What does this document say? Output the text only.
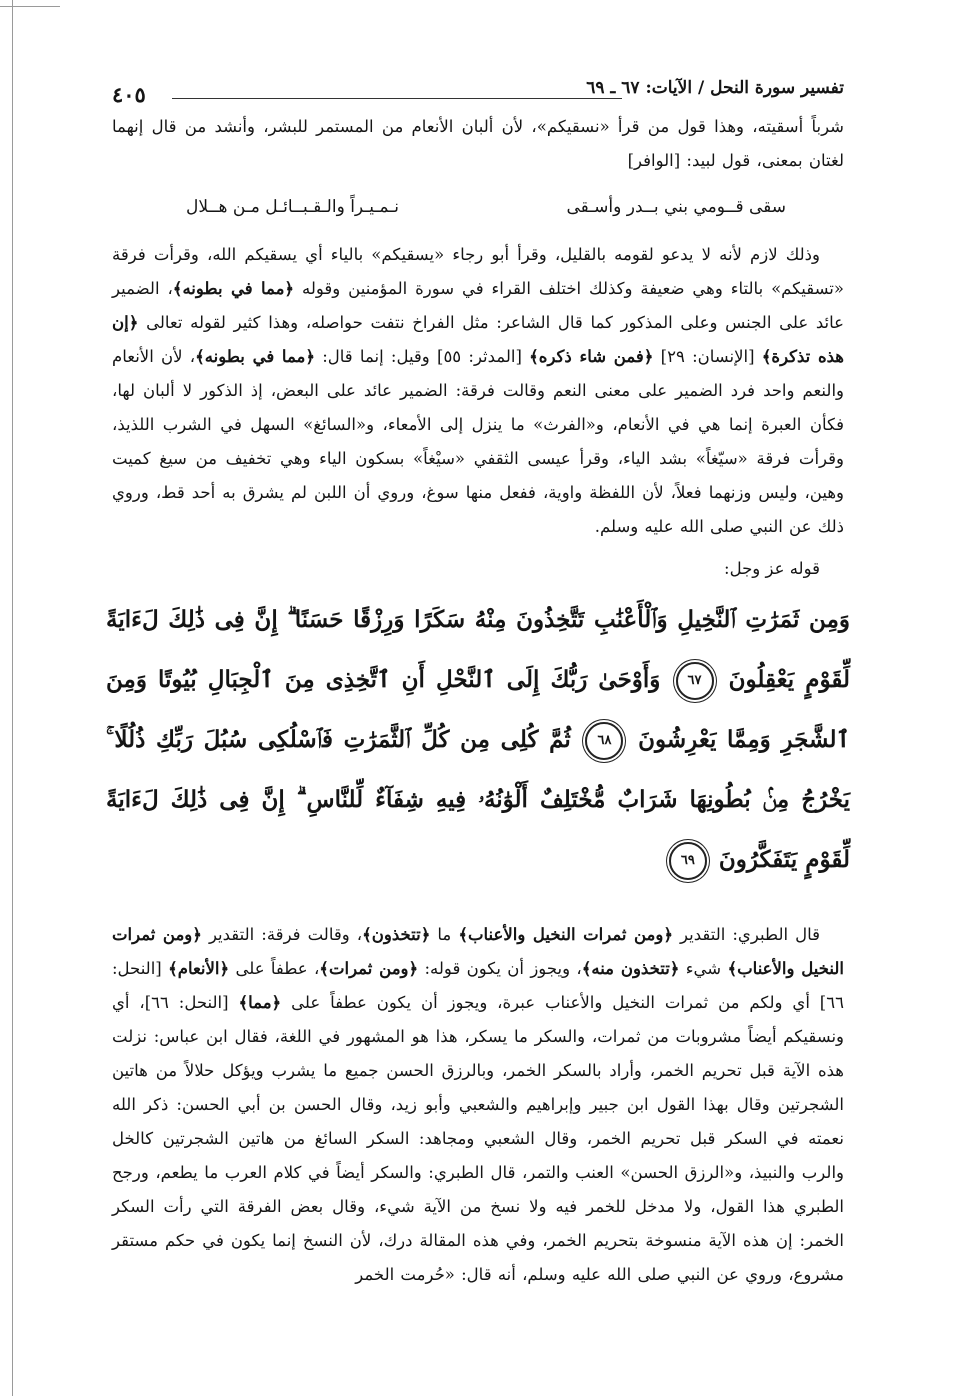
تفسير سورة النحل / الآيات: ٦٧ ـ ٦٩
٤٠٥

شرباً أسقيته، وهذا قول من قرأ «نسقيكم»، لأن ألبان الأنعام من المستمر للبشر، وأنشد من قال إنهما لغتان بمعنى، قول لبيد: [الوافر]

سقى قــومي بني بــدر وأسـقى
نـمـيـراً والـقـبــائـل مـن هــلال

وذلك لازم لأنه لا يدعو لقومه بالقليل، وقرأ أبو رجاء «يسقيكم» بالياء أي يسقيكم الله، وقرأت فرقة «تسقيكم» بالتاء وهي ضعيفة وكذلك اختلف القراء في سورة المؤمنين وقوله ﴿مما في بطونه﴾، الضمير عائد على الجنس وعلى المذكور كما قال الشاعر: مثل الفراخ نتفت حواصله، وهذا كثير لقوله تعالى ﴿إن هذه تذكرة﴾ [الإنسان: ٢٩] ﴿فمن شاء ذكره﴾ [المدثر: ٥٥] وقيل: إنما قال: ﴿مما في بطونه﴾، لأن الأنعام والنعم واحد فرد الضمير على معنى النعم وقالت فرقة: الضمير عائد على البعض، إذ الذكور لا ألبان لها، فكأن العبرة إنما هي في الأنعام، و«الفرث» ما ينزل إلى الأمعاء، و«السائغ» السهل في الشرب اللذيذ، وقرأت فرقة «سيّغاً» بشد الياء، وقرأ عيسى الثقفي «سيْغاً» بسكون الياء وهي تخفيف من سيغ كميت وهين، وليس وزنهما فعلاً، لأن اللفظة واوية، ففعل منها سوغ، وروي أن اللبن لم يشرق به أحد قط، وروي ذلك عن النبي صلى الله عليه وسلم.

قوله عز وجل:
وَمِن ثَمَرَٰتِ ٱلنَّخِيلِ وَٱلْأَعْنَٰبِ تَتَّخِذُونَ مِنْهُ سَكَرًا وَرِزْقًا حَسَنًا ۗ إِنَّ فِى ذَٰلِكَ لَءَايَةً لِّقَوْمٍ يَعْقِلُونَ ٦٧ وَأَوْحَىٰ رَبُّكَ إِلَى ٱلنَّحْلِ أَنِ ٱتَّخِذِى مِنَ ٱلْجِبَالِ بُيُوتًا وَمِنَ ٱلشَّجَرِ وَمِمَّا يَعْرِشُونَ ٦٨ ثُمَّ كُلِى مِن كُلِّ ٱلثَّمَرَٰتِ فَٱسْلُكِى سُبُلَ رَبِّكِ ذُلُلًا ۚ يَخْرُجُ مِنۢ بُطُونِهَا شَرَابٌ مُّخْتَلِفٌ أَلْوَٰنُهُۥ فِيهِ شِفَآءٌ لِّلنَّاسِ ۗ إِنَّ فِى ذَٰلِكَ لَءَايَةً لِّقَوْمٍ يَتَفَكَّرُونَ ٦٩

قال الطبري: التقدير ﴿ومن ثمرات النخيل والأعناب﴾ ما ﴿تتخذون﴾، وقالت فرقة: التقدير ﴿ومن ثمرات النخيل والأعناب﴾ شيء ﴿تتخذون منه﴾، ويجوز أن يكون قوله: ﴿ومن ثمرات﴾، عطفاً على ﴿الأنعام﴾ [النحل: ٦٦] أي ولكم من ثمرات النخيل والأعناب عبرة، ويجوز أن يكون عطفاً على ﴿مما﴾ [النحل: ٦٦]، أي ونسقيكم أيضاً مشروبات من ثمرات، والسكر ما يسكر، هذا هو المشهور في اللغة، فقال ابن عباس: نزلت هذه الآية قبل تحريم الخمر، وأراد بالسكر الخمر، وبالرزق الحسن جميع ما يشرب ويؤكل حلالاً من هاتين الشجرتين وقال بهذا القول ابن جبير وإبراهيم والشعبي وأبو زيد، وقال الحسن بن أبي الحسن: ذكر الله نعمته في السكر قبل تحريم الخمر، وقال الشعبي ومجاهد: السكر السائغ من هاتين الشجرتين كالخل والرب والنبيذ، و«الرزق الحسن» العنب والتمر، قال الطبري: والسكر أيضاً في كلام العرب ما يطعم، ورجح الطبري هذا القول، ولا مدخل للخمر فيه ولا نسخ من الآية شيء، وقال بعض الفرقة التي رأت السكر الخمر: إن هذه الآية منسوخة بتحريم الخمر، وفي هذه المقالة درك، لأن النسخ إنما يكون في حكم مستقر مشروع، وروي عن النبي صلى الله عليه وسلم، أنه قال: «حُرمت الخمر
